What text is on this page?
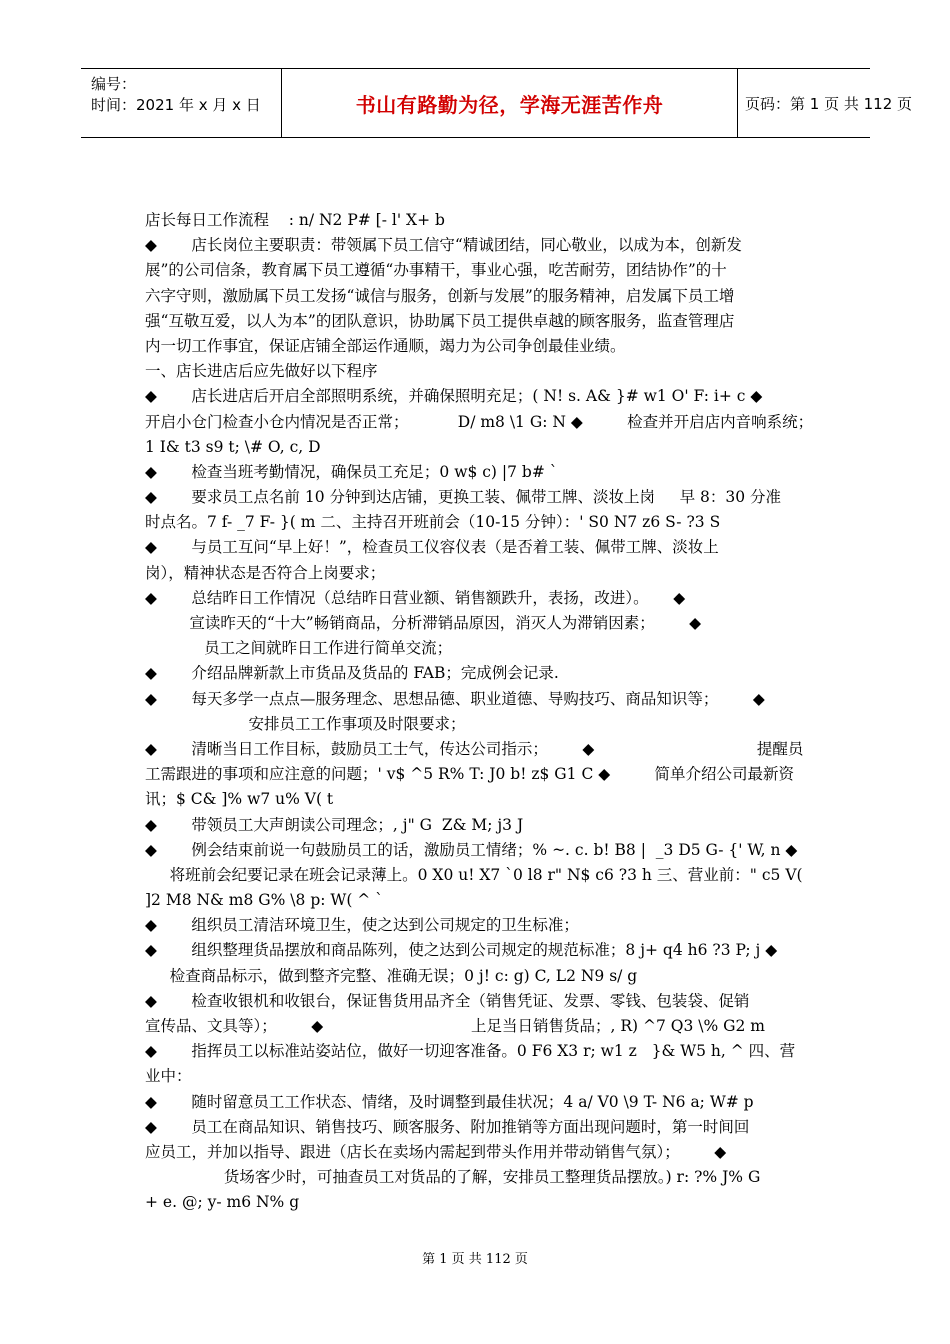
编号：
时间：2021 年 x 月 x 日	书山有路勤为径，学海无涯苦作舟	页码：第 1 页 共 112 页
店长每日工作流程    : n/ N2 P# [- l' X+ b
◆       店长岗位主要职责：带领属下员工信守“精诚团结，同心敬业，以成为本，创新发
展”的公司信条，教育属下员工遵循“办事精干，事业心强，吃苦耐劳，团结协作”的十
六字守则，激励属下员工发扬“诚信与服务，创新与发展”的服务精神，启发属下员工增
强“互敬互爱，以人为本”的团队意识，协助属下员工提供卓越的顾客服务，监查管理店
内一切工作事宜，保证店铺全部运作通顺，竭力为公司争创最佳业绩。
一、店长进店后应先做好以下程序
◆       店长进店后开启全部照明系统，并确保照明充足；( N! s. A& }# w1 O' F: i+ c ◆
开启小仓门检查小仓内情况是否正常；          D/ m8 \1 G: N ◆         检查并开启店内音响系统；
1 I& t3 s9 t; \# O, c, D
◆       检查当班考勤情况，确保员工充足；0 w$ c) |7 b# `
◆       要求员工点名前 10 分钟到达店铺，更换工装、佩带工牌、淡妆上岗     早 8：30 分准
时点名。7 f- _7 F- }( m 二、主持召开班前会（10-15 分钟）：' S0 N7 z6 S- ?3 S
◆       与员工互问“早上好！”，检查员工仪容仪表（是否着工装、佩带工牌、淡妆上
岗），精神状态是否符合上岗要求；
◆       总结昨日工作情况（总结昨日营业额、销售额跌升，表扬，改进）。     ◆
宣读昨天的“十大”畅销商品，分析滞销品原因，消灭人为滞销因素；       ◆
员工之间就昨日工作进行简单交流；
◆       介绍品牌新款上市货品及货品的 FAB；完成例会记录.
◆       每天多学一点点—服务理念、思想品德、职业道德、导购技巧、商品知识等；       ◆
安排员工工作事项及时限要求；
◆       清晰当日工作目标，鼓励员工士气，传达公司指示；       ◆                                 提醒员
工需跟进的事项和应注意的问题；' v$ ^5 R% T: J0 b! z$ G1 C ◆         简单介绍公司最新资
讯；$ C& ]% w7 u% V( t
◆       带领员工大声朗读公司理念；, j" G  Z& M; j3 J
◆       例会结束前说一句鼓励员工的话，激励员工情绪；% ~. c. b! B8 |  _3 D5 G- {' W, n ◆
将班前会纪要记录在班会记录薄上。0 X0 u! X7 `0 l8 r" N$ c6 ?3 h 三、营业前：" c5 V(
]2 M8 N& m8 G% \8 p: W( ^ `
◆       组织员工清洁环境卫生，使之达到公司规定的卫生标准；
◆       组织整理货品摆放和商品陈列，使之达到公司规定的规范标准；8 j+ q4 h6 ?3 P; j ◆
检查商品标示，做到整齐完整、准确无误；0 j! c: g) C, L2 N9 s/ g
◆       检查收银机和收银台，保证售货用品齐全（销售凭证、发票、零钱、包装袋、促销
宣传品、文具等）；       ◆                              上足当日销售货品；, R) ^7 Q3 \% G2 m
◆       指挥员工以标准站姿站位，做好一切迎客准备。0 F6 X3 r; w1 z   }& W5 h, ^ 四、营
业中：
◆       随时留意员工工作状态、情绪，及时调整到最佳状况；4 a/ V0 \9 T- N6 a; W# p
◆       员工在商品知识、销售技巧、顾客服务、附加推销等方面出现问题时，第一时间回
应员工，并加以指导、跟进（店长在卖场内需起到带头作用并带动销售气氛）；       ◆
货场客少时，可抽查员工对货品的了解，安排员工整理货品摆放。) r: ?% J% G
+ e. @; y- m6 N% g
第 1 页 共 112 页
